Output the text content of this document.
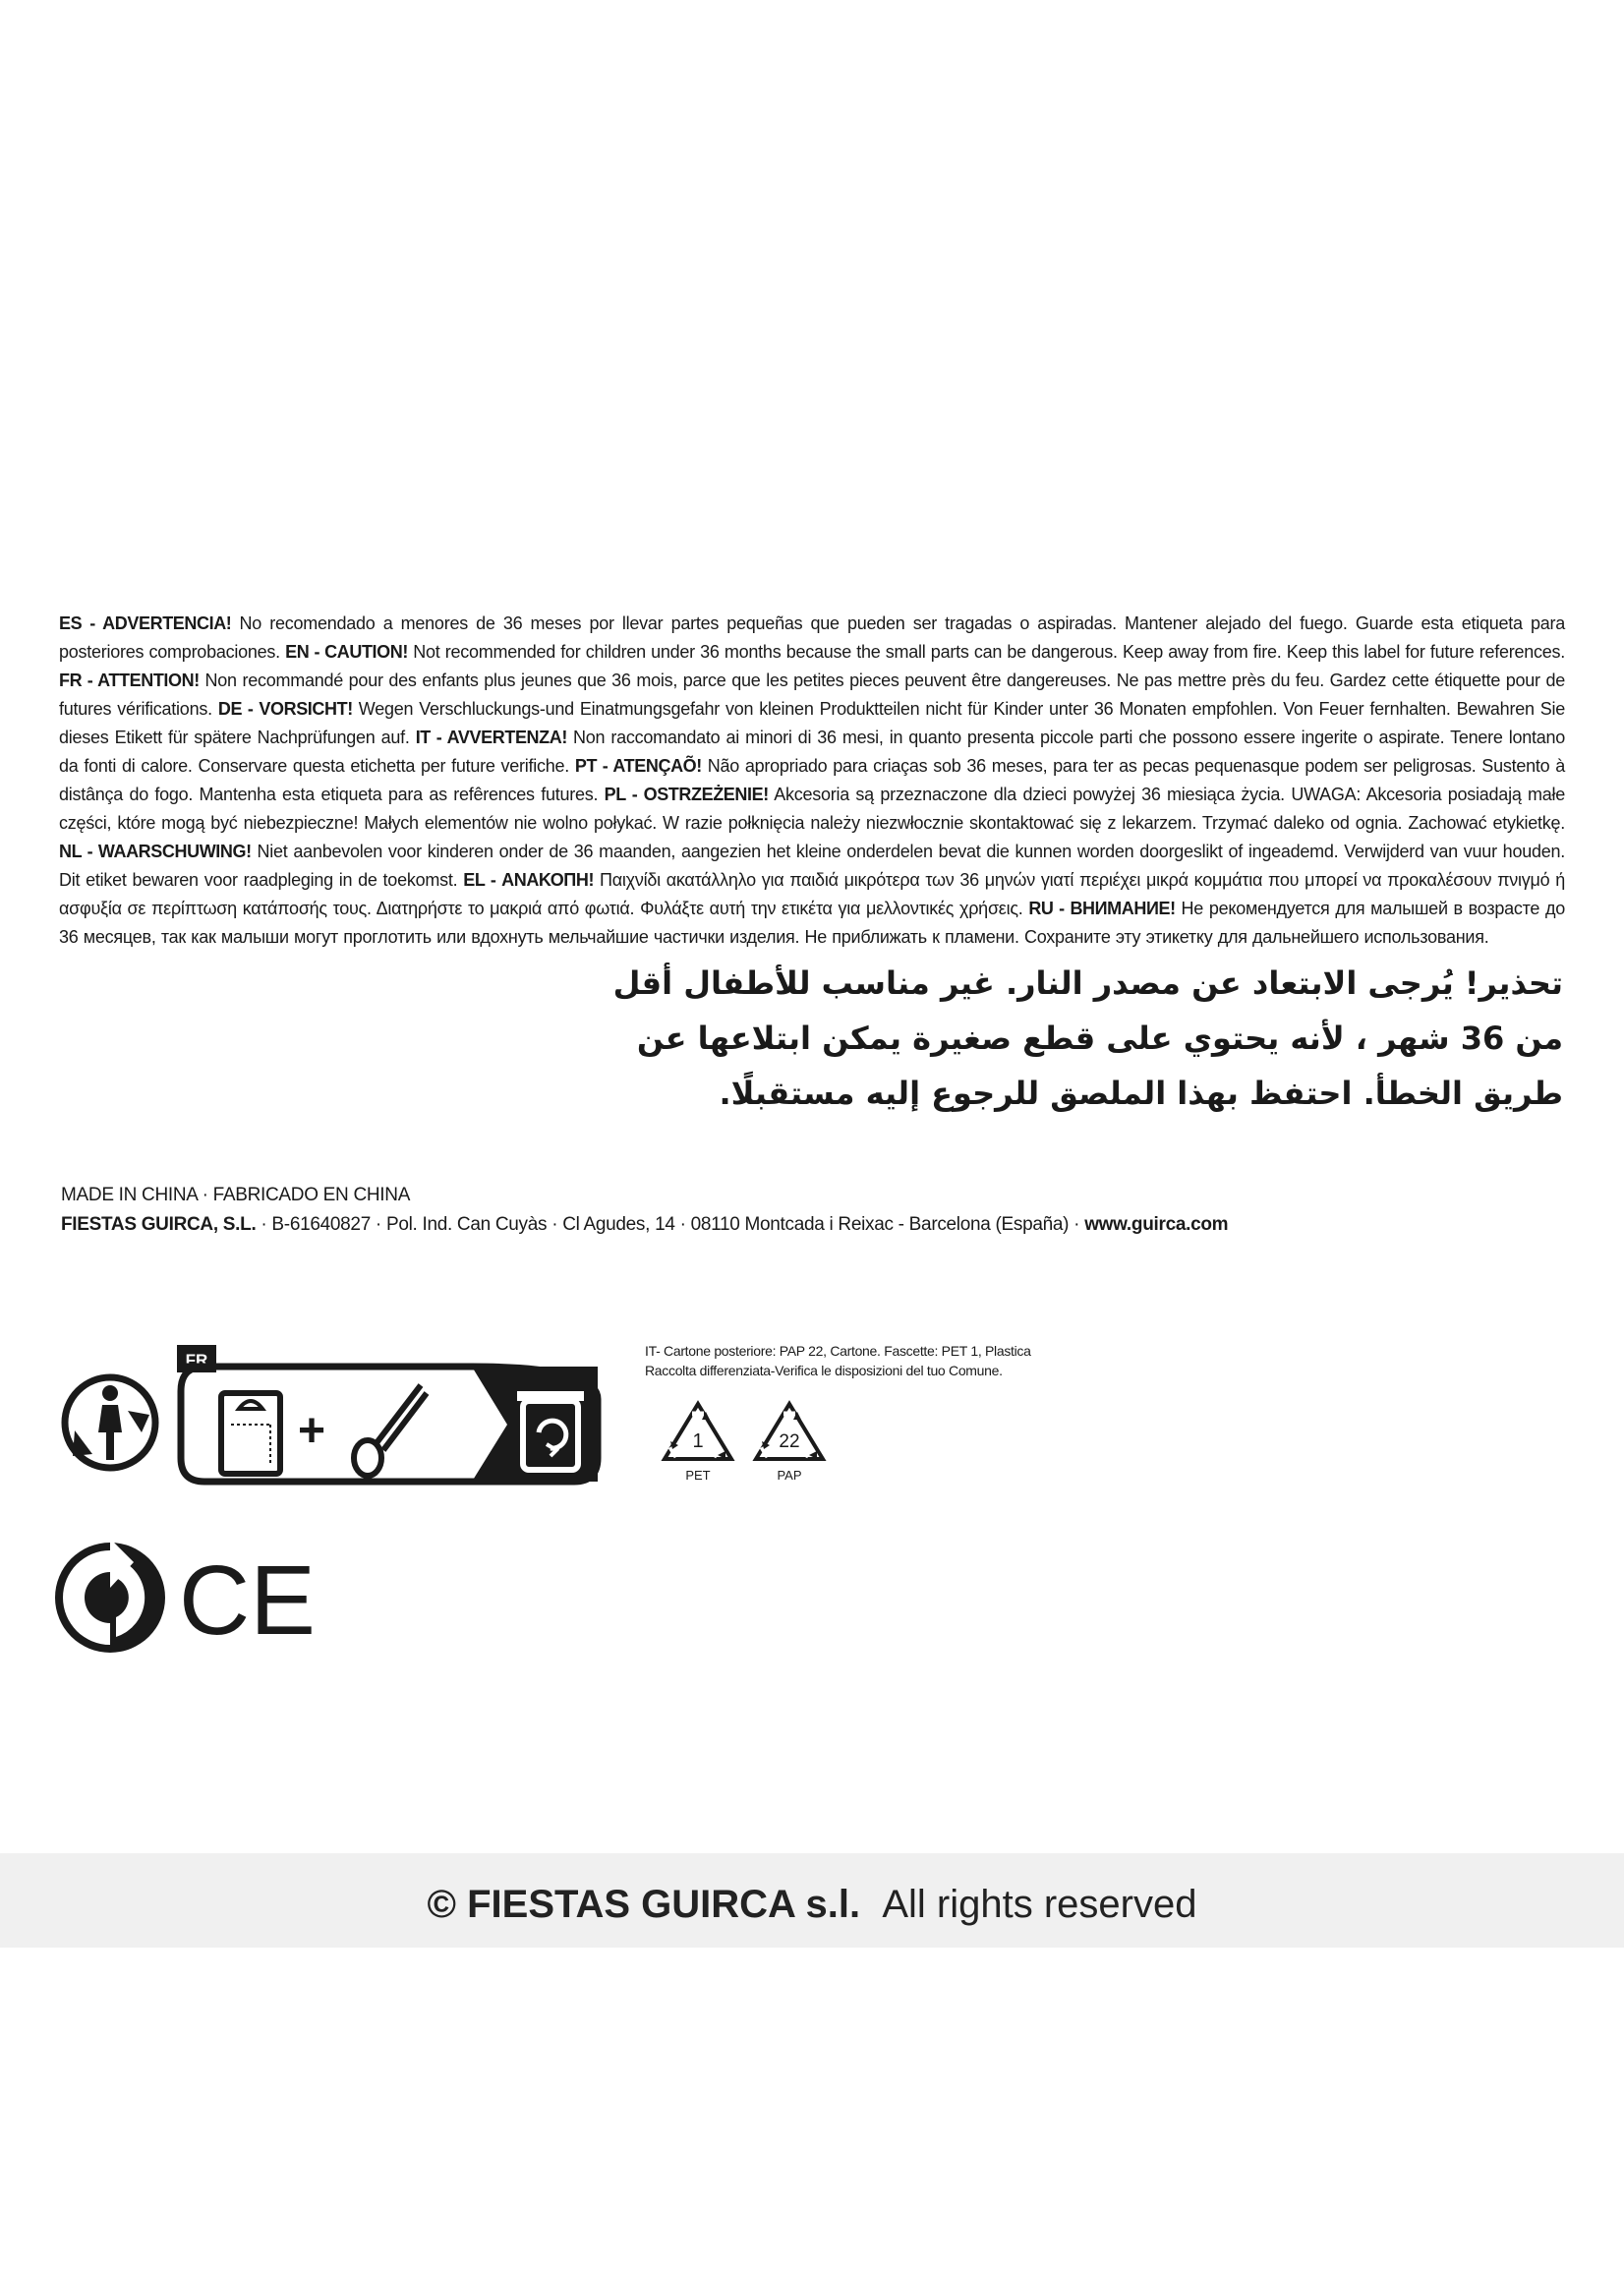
ES - ADVERTENCIA! No recomendado a menores de 36 meses por llevar partes pequeñas que pueden ser tragadas o aspiradas. Mantener alejado del fuego. Guarde esta etiqueta para posteriores comprobaciones. EN - CAUTION! Not recommended for children under 36 months because the small parts can be dangerous. Keep away from fire. Keep this label for future references. FR - ATTENTION! Non recommandé pour des enfants plus jeunes que 36 mois, parce que les petites pieces peuvent être dangereuses. Ne pas mettre près du feu. Gardez cette étiquette pour de futures vérifications. DE - VORSICHT! Wegen Verschluckungs-und Einatmungsgefahr von kleinen Produktteilen nicht für Kinder unter 36 Monaten empfohlen. Von Feuer fernhalten. Bewahren Sie dieses Etikett für spätere Nachprüfungen auf. IT - AVVERTENZA! Non raccomandato ai minori di 36 mesi, in quanto presenta piccole parti che possono essere ingerite o aspirate. Tenere lontano da fonti di calore. Conservare questa etichetta per future verifiche. PT - ATENÇAÕ! Não apropriado para criaças sob 36 meses, para ter as pecas pequenasque podem ser peligrosas. Sustento à distânça do fogo. Mantenha esta etiqueta para as refêrences futures. PL - OSTRZEŻENIE! Akcesoria są przeznaczone dla dzieci powyżej 36 miesiąca życia. UWAGA: Akcesoria posiadają małe części, które mogą być niebezpieczne! Małych elementów nie wolno połykać. W razie połknięcia należy niezwłocznie skontaktować się z lekarzem. Trzymać daleko od ognia. Zachować etykietkę. NL - WAARSCHUWING! Niet aanbevolen voor kinderen onder de 36 maanden, aangezien het kleine onderdelen bevat die kunnen worden doorgeslikt of ingeademd. Verwijderd van vuur houden. Dit etiket bewaren voor raadpleging in de toekomst. EL - ΑΝΑΚΟΠΗ! Παιχνίδι ακατάλληλο για παιδιά μικρότερα των 36 μηνών γιατί περιέχει μικρά κομμάτια που μπορεί να προκαλέσουν πνιγμό ή ασφυξία σε περίπτωση κατάποσής τους. Διατηρήστε το μακριά από φωτιά. Φυλάξτε αυτή την ετικέτα για μελλοντικές χρήσεις. RU - ВНИМАНИЕ! Не рекомендуется для малышей в возрасте до 36 месяцев, так как малыши могут проглотить или вдохнуть мельчайшие частички изделия. Не приближать к пламени. Сохраните эту этикетку для дальнейшего использования.
تحذير! يُرجى الابتعاد عن مصدر النار. غير مناسب للأطفال أقل
من 36 شهر ، لأنه يحتوي على قطع صغيرة يمكن ابتلاعها عن
طريق الخطأ. احتفظ بهذا الملصق للرجوع إليه مستقبلًا.
MADE IN CHINA · FABRICADO EN CHINA
FIESTAS GUIRCA, S.L. · B-61640827 · Pol. Ind. Can Cuyàs · Cl Agudes, 14 · 08110 Montcada i Reixac - Barcelona (España) · www.guirca.com
FR
+
IT- Cartone posteriore: PAP 22, Cartone. Fascette: PET 1, Plastica
Raccolta differenziata-Verifica le disposizioni del tuo Comune.
1
PET
22
PAP
CE
© FIESTAS GUIRCA s.l. All rights reserved
